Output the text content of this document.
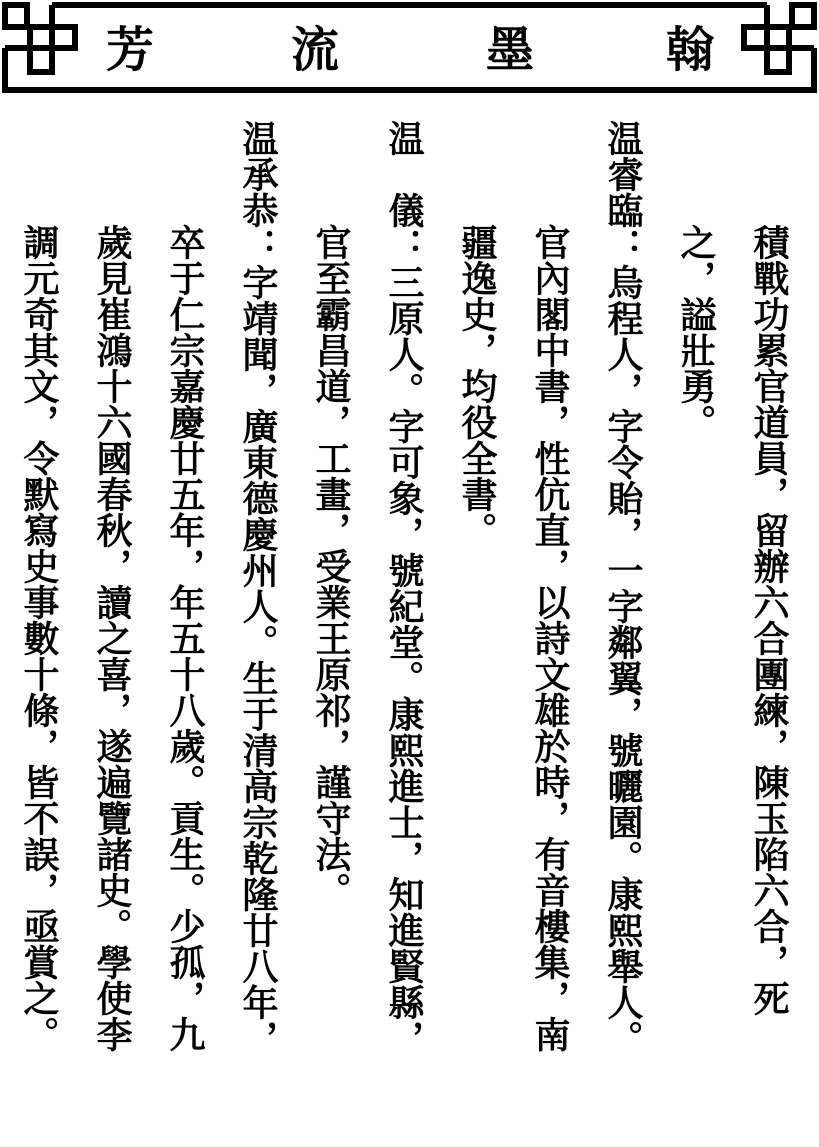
翰
墨
流
芳
積戰功累官道員，留辦六合團練，陳玉陷六合，死
之，謚壯勇。
温睿臨：烏程人，字令貽，一字鄰翼，號曬園。康熙舉人。
官內閣中書，性伉直，以詩文雄於時，有音樓集，南
疆逸史，均役全書。
温　儀：三原人。字可象，號紀堂。康熙進士，知進賢縣，
官至霸昌道，工畫，受業王原祁，謹守法。
温承恭：字靖聞，廣東德慶州人。生于清高宗乾隆廿八年，
卒于仁宗嘉慶廿五年，年五十八歲。貢生。少孤，九
歲見崔鴻十六國春秋，讀之喜，遂遍覽諸史。學使李
調元奇其文，令默寫史事數十條，皆不誤，亟賞之。
